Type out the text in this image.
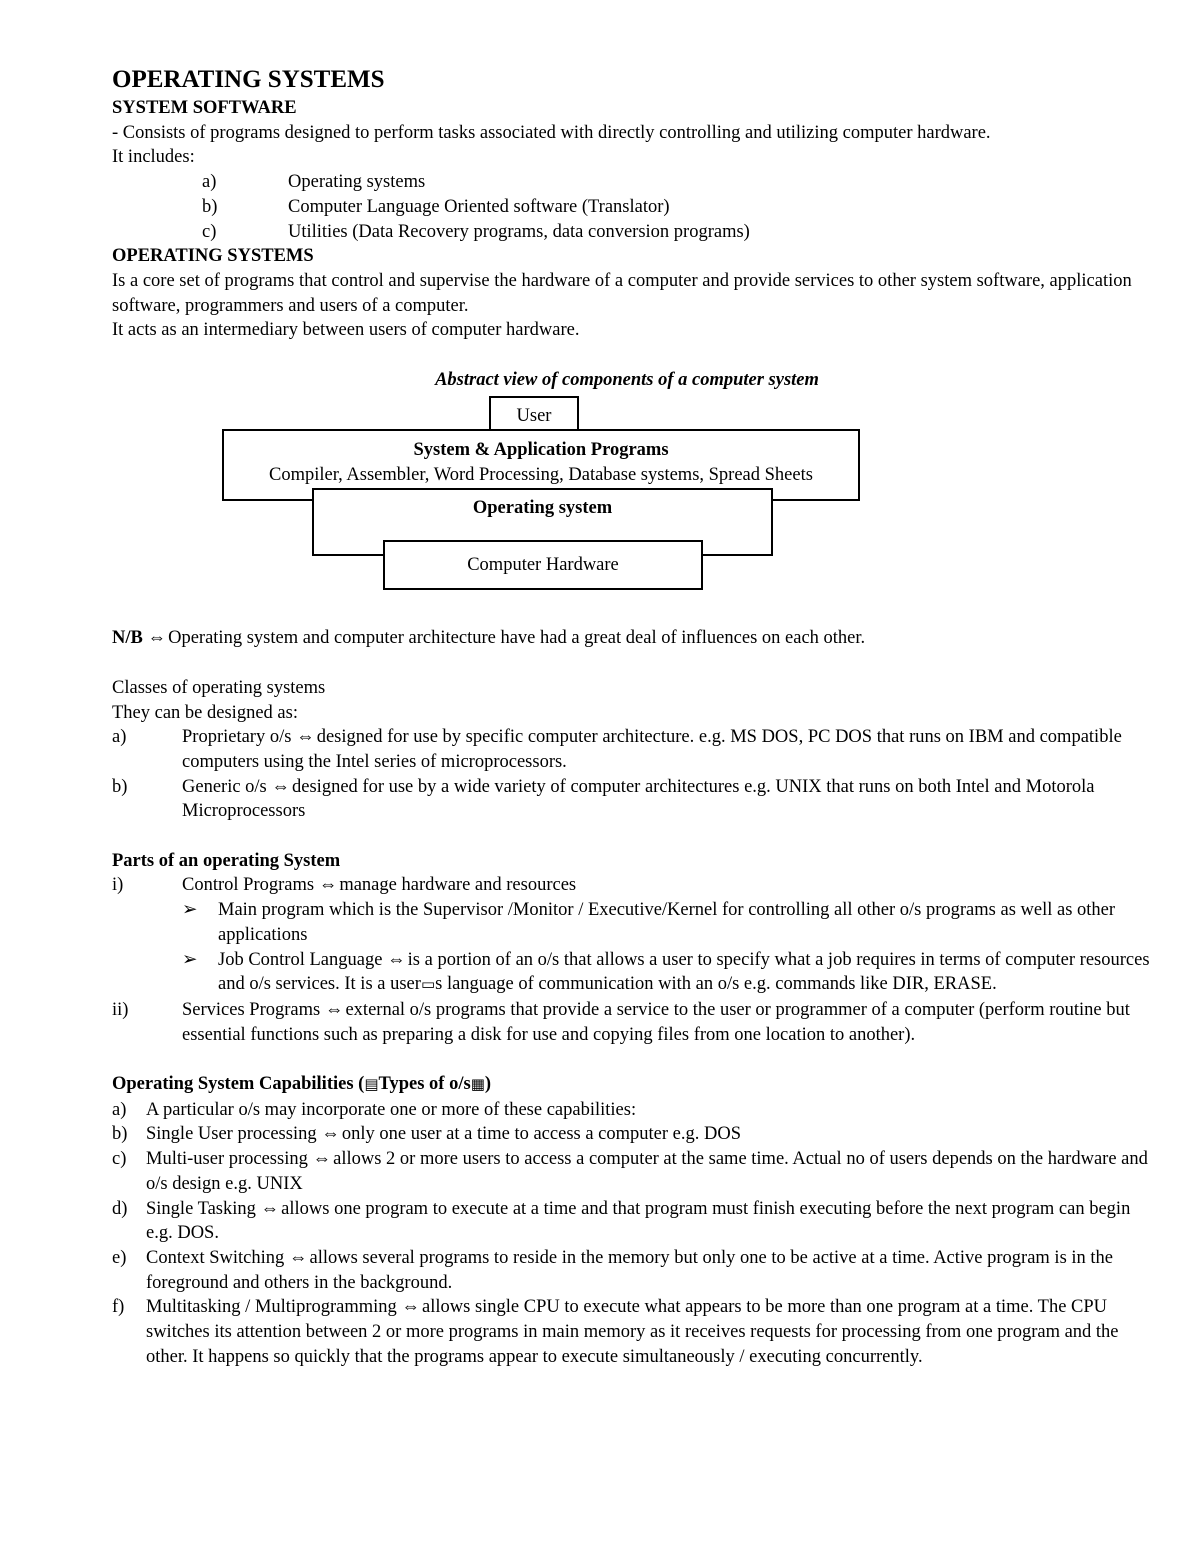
OPERATING SYSTEMS

SYSTEM SOFTWARE

- Consists of programs designed to perform tasks associated with directly controlling and utilizing computer hardware.

It includes:

a)	Operating systems
b)	Computer Language Oriented software (Translator)
c)	Utilities (Data Recovery programs, data conversion programs)

OPERATING SYSTEMS

Is a core set of programs that control and supervise the hardware of a computer and provide services to other system software, application software, programmers and users of a computer.

It acts as an intermediary between users of computer hardware.

Abstract view of components of a computer system

User
System & Application Programs
Compiler, Assembler, Word Processing, Database systems, Spread Sheets
Operating system
Computer Hardware

N/B ⇔ Operating system and computer architecture have had a great deal of influences on each other.

Classes of operating systems

They can be designed as:

a)	Proprietary o/s ⇔ designed for use by specific computer architecture. e.g. MS DOS, PC DOS that runs on IBM and compatible computers using the Intel series of microprocessors.
b)	Generic o/s ⇔ designed for use by a wide variety of computer architectures e.g. UNIX that runs on both Intel and Motorola Microprocessors

Parts of an operating System

i)	Control Programs ⇔ manage hardware and resources
➢	Main program which is the Supervisor /Monitor / Executive/Kernel for controlling all other o/s programs as well as other applications
➢	Job Control Language ⇔ is a portion of an o/s that allows a user to specify what a job requires in terms of computer resources and o/s services. It is a user▭s language of communication with an o/s e.g. commands like DIR, ERASE.
ii)	Services Programs ⇔ external o/s programs that provide a service to the user or programmer of a computer (perform routine but essential functions such as preparing a disk for use and copying files from one location to another).

Operating System Capabilities (▤Types of o/s▦)

a)	A particular o/s may incorporate one or more of these capabilities:
b)	Single User processing ⇔ only one user at a time to access a computer e.g. DOS
c)	Multi-user processing ⇔ allows 2 or more users to access a computer at the same time. Actual no of users depends on the hardware and o/s design e.g. UNIX
d)	Single Tasking ⇔ allows one program to execute at a time and that program must finish executing before the next program can begin e.g. DOS.
e)	Context Switching ⇔ allows several programs to reside in the memory but only one to be active at a time. Active program is in the foreground and others in the background.
f)	Multitasking / Multiprogramming ⇔ allows single CPU to execute what appears to be more than one program at a time. The CPU switches its attention between 2 or more programs in main memory as it receives requests for processing from one program and the other. It happens so quickly that the programs appear to execute simultaneously / executing concurrently.
